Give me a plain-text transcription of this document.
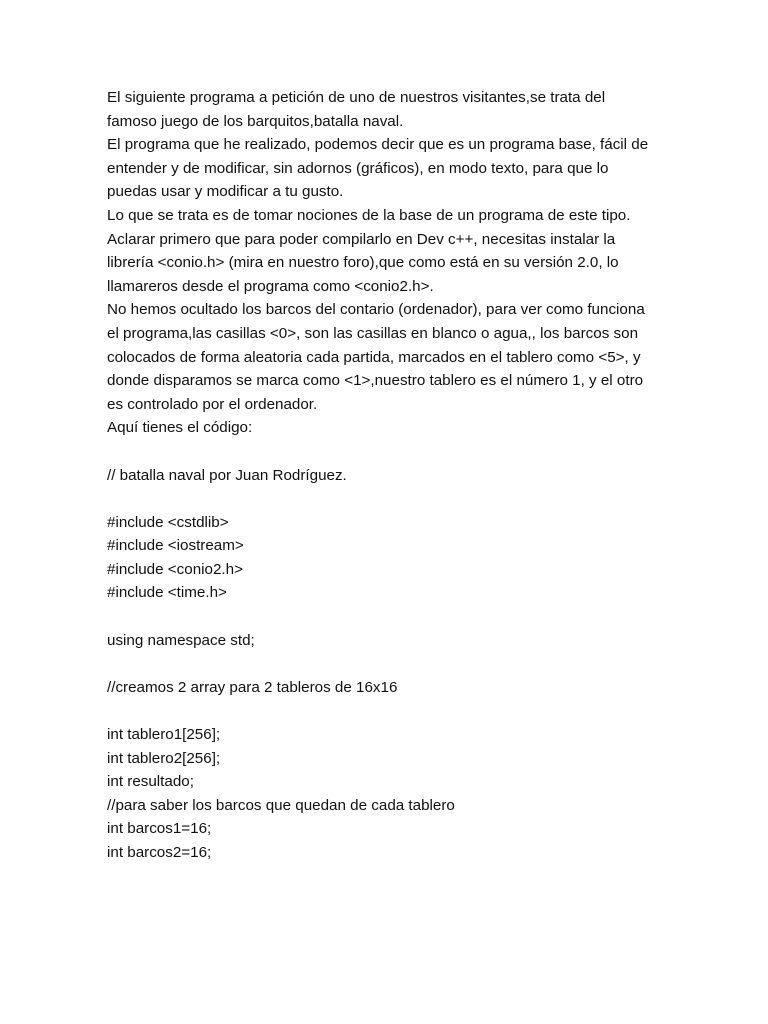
El siguiente programa a petición de uno de nuestros visitantes,se trata del
famoso juego de los barquitos,batalla naval.
El programa que he realizado, podemos decir que es un programa base, fácil de
entender y de modificar, sin adornos (gráficos), en modo texto, para que lo
puedas usar y modificar a tu gusto.
Lo que se trata es de tomar nociones de la base de un programa de este tipo.
Aclarar primero que para poder compilarlo en Dev c++, necesitas instalar la
librería <conio.h> (mira en nuestro foro),que como está en su versión 2.0, lo
llamareros desde el programa como <conio2.h>.
No hemos ocultado los barcos del contario (ordenador), para ver como funciona
el programa,las casillas <0>, son las casillas en blanco o agua,, los barcos son
colocados de forma aleatoria cada partida, marcados en el tablero como <5>, y
donde disparamos se marca como <1>,nuestro tablero es el número 1, y el otro
es controlado por el ordenador.
Aquí tienes el código:
// batalla naval por Juan Rodríguez.
#include <cstdlib>
#include <iostream>
#include <conio2.h>
#include <time.h>
using namespace std;
//creamos 2 array para 2 tableros de 16x16
int tablero1[256];
int tablero2[256];
int resultado;
//para saber los barcos que quedan de cada tablero
int barcos1=16;
int barcos2=16;
